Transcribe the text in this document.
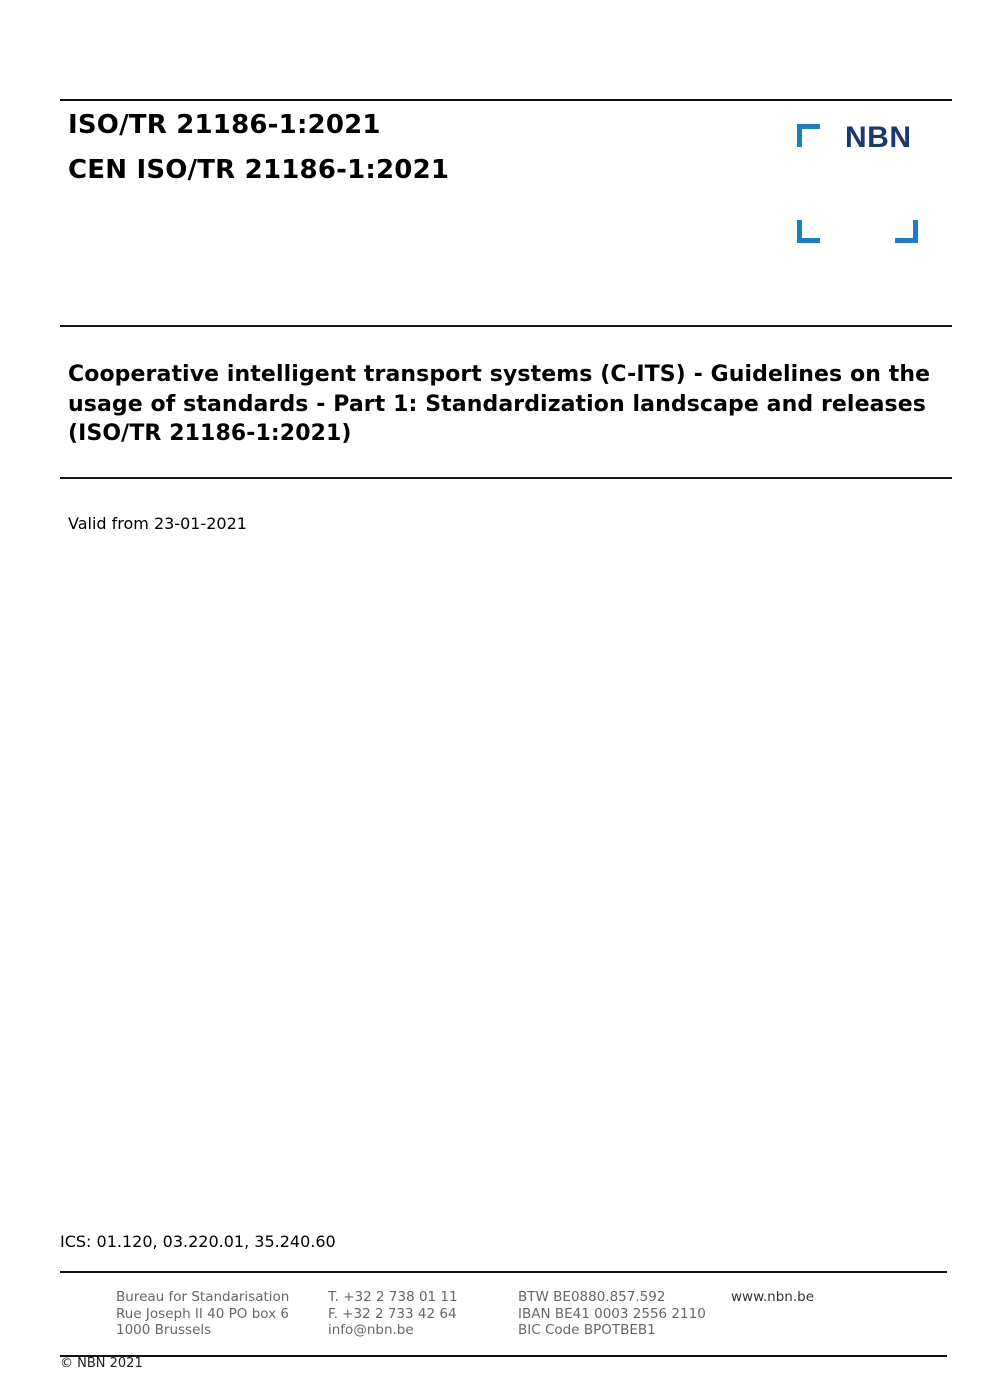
ISO/TR 21186-1:2021
CEN ISO/TR 21186-1:2021
NBN
Cooperative intelligent transport systems (C-ITS) - Guidelines on the usage of standards - Part 1: Standardization landscape and releases (ISO/TR 21186-1:2021)
Valid from 23-01-2021
ICS: 01.120, 03.220.01, 35.240.60
Bureau for Standarisation
Rue Joseph II 40 PO box 6
1000 Brussels
T. +32 2 738 01 11
F. +32 2 733 42 64
info@nbn.be
BTW BE0880.857.592
IBAN BE41 0003 2556 2110
BIC Code BPOTBEB1
www.nbn.be
© NBN 2021
